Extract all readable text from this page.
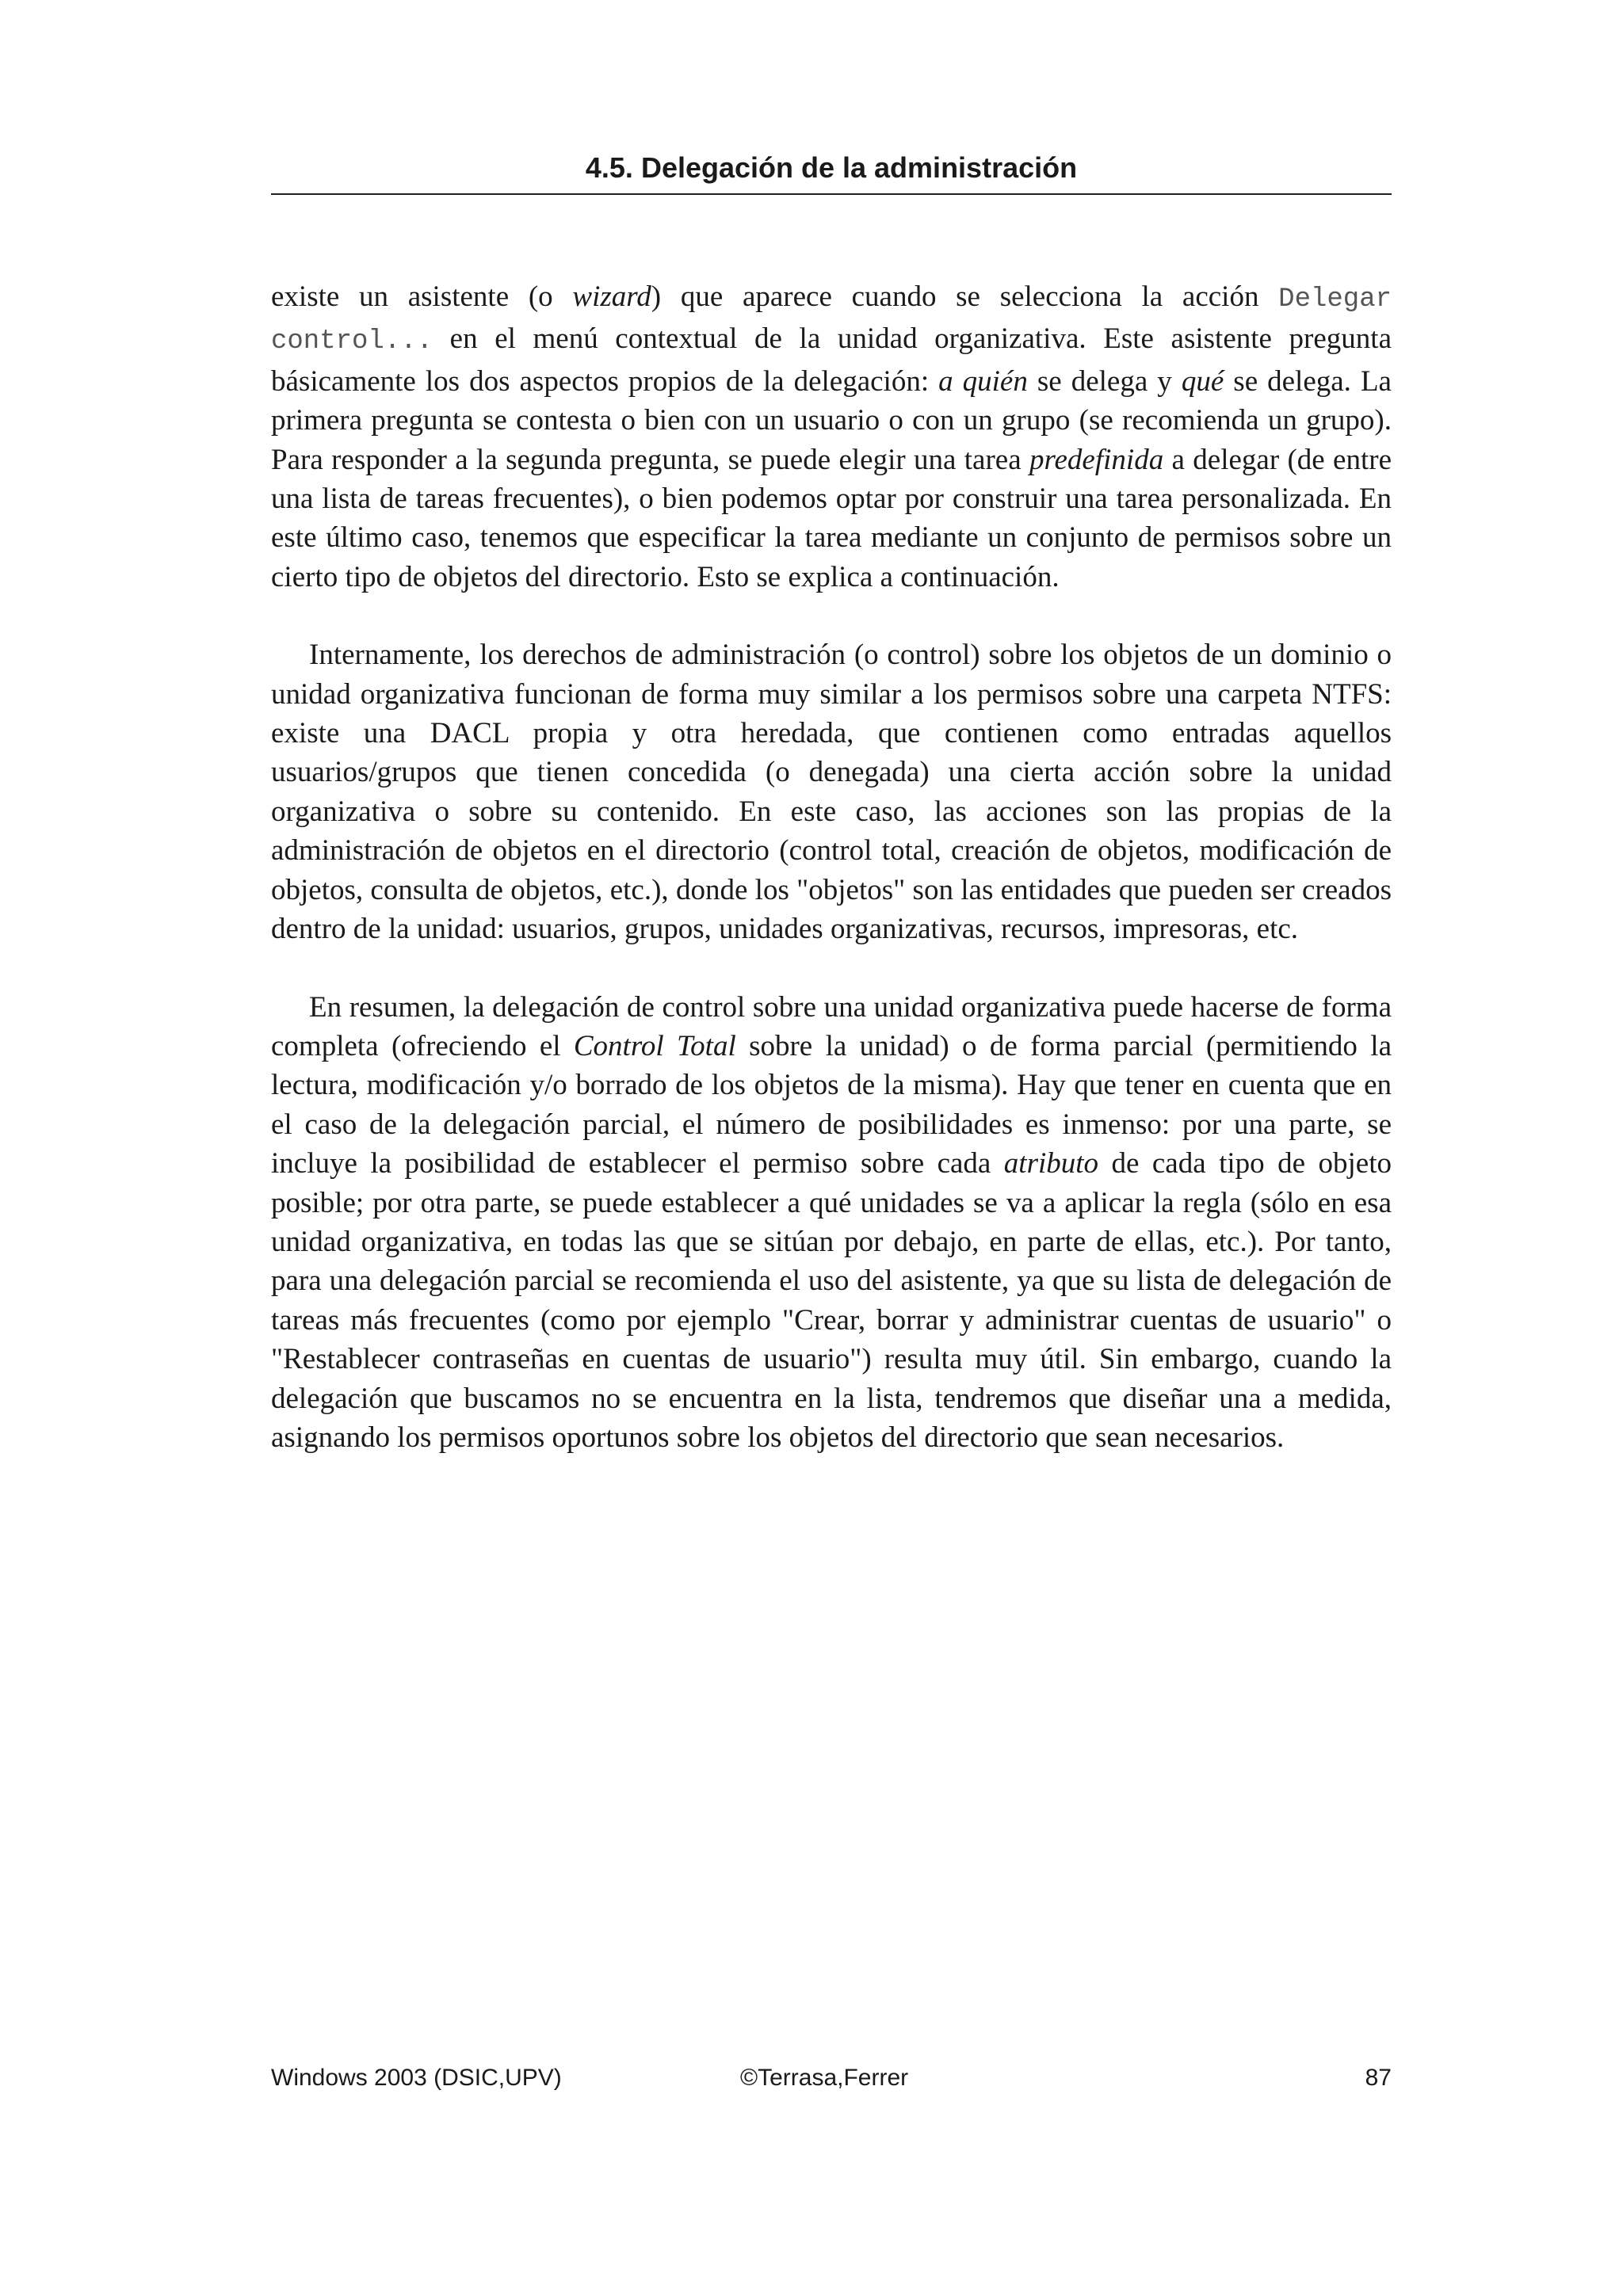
4.5. Delegación de la administración

existe un asistente (o wizard) que aparece cuando se selecciona la acción Delegar control... en el menú contextual de la unidad organizativa. Este asistente pregunta básicamente los dos aspectos propios de la delegación: a quién se delega y qué se delega. La primera pregunta se contesta o bien con un usuario o con un grupo (se recomienda un grupo). Para responder a la segunda pregunta, se puede elegir una tarea predefinida a delegar (de entre una lista de tareas frecuentes), o bien podemos optar por construir una tarea personalizada. En este último caso, tenemos que especificar la tarea mediante un conjunto de permisos sobre un cierto tipo de objetos del directorio. Esto se explica a continuación.

Internamente, los derechos de administración (o control) sobre los objetos de un dominio o unidad organizativa funcionan de forma muy similar a los permisos sobre una carpeta NTFS: existe una DACL propia y otra heredada, que contienen como entradas aquellos usuarios/grupos que tienen concedida (o denegada) una cierta acción sobre la unidad organizativa o sobre su contenido. En este caso, las acciones son las propias de la administración de objetos en el directorio (control total, creación de objetos, modificación de objetos, consulta de objetos, etc.), donde los "objetos" son las entidades que pueden ser creados dentro de la unidad: usuarios, grupos, unidades organizativas, recursos, impresoras, etc.

En resumen, la delegación de control sobre una unidad organizativa puede hacerse de forma completa (ofreciendo el Control Total sobre la unidad) o de forma parcial (permitiendo la lectura, modificación y/o borrado de los objetos de la misma). Hay que tener en cuenta que en el caso de la delegación parcial, el número de posibilidades es inmenso: por una parte, se incluye la posibilidad de establecer el permiso sobre cada atributo de cada tipo de objeto posible; por otra parte, se puede establecer a qué unidades se va a aplicar la regla (sólo en esa unidad organizativa, en todas las que se sitúan por debajo, en parte de ellas, etc.). Por tanto, para una delegación parcial se recomienda el uso del asistente, ya que su lista de delegación de tareas más frecuentes (como por ejemplo "Crear, borrar y administrar cuentas de usuario" o "Restablecer contraseñas en cuentas de usuario") resulta muy útil. Sin embargo, cuando la delegación que buscamos no se encuentra en la lista, tendremos que diseñar una a medida, asignando los permisos oportunos sobre los objetos del directorio que sean necesarios.

Windows 2003 (DSIC,UPV)	©Terrasa,Ferrer	87
